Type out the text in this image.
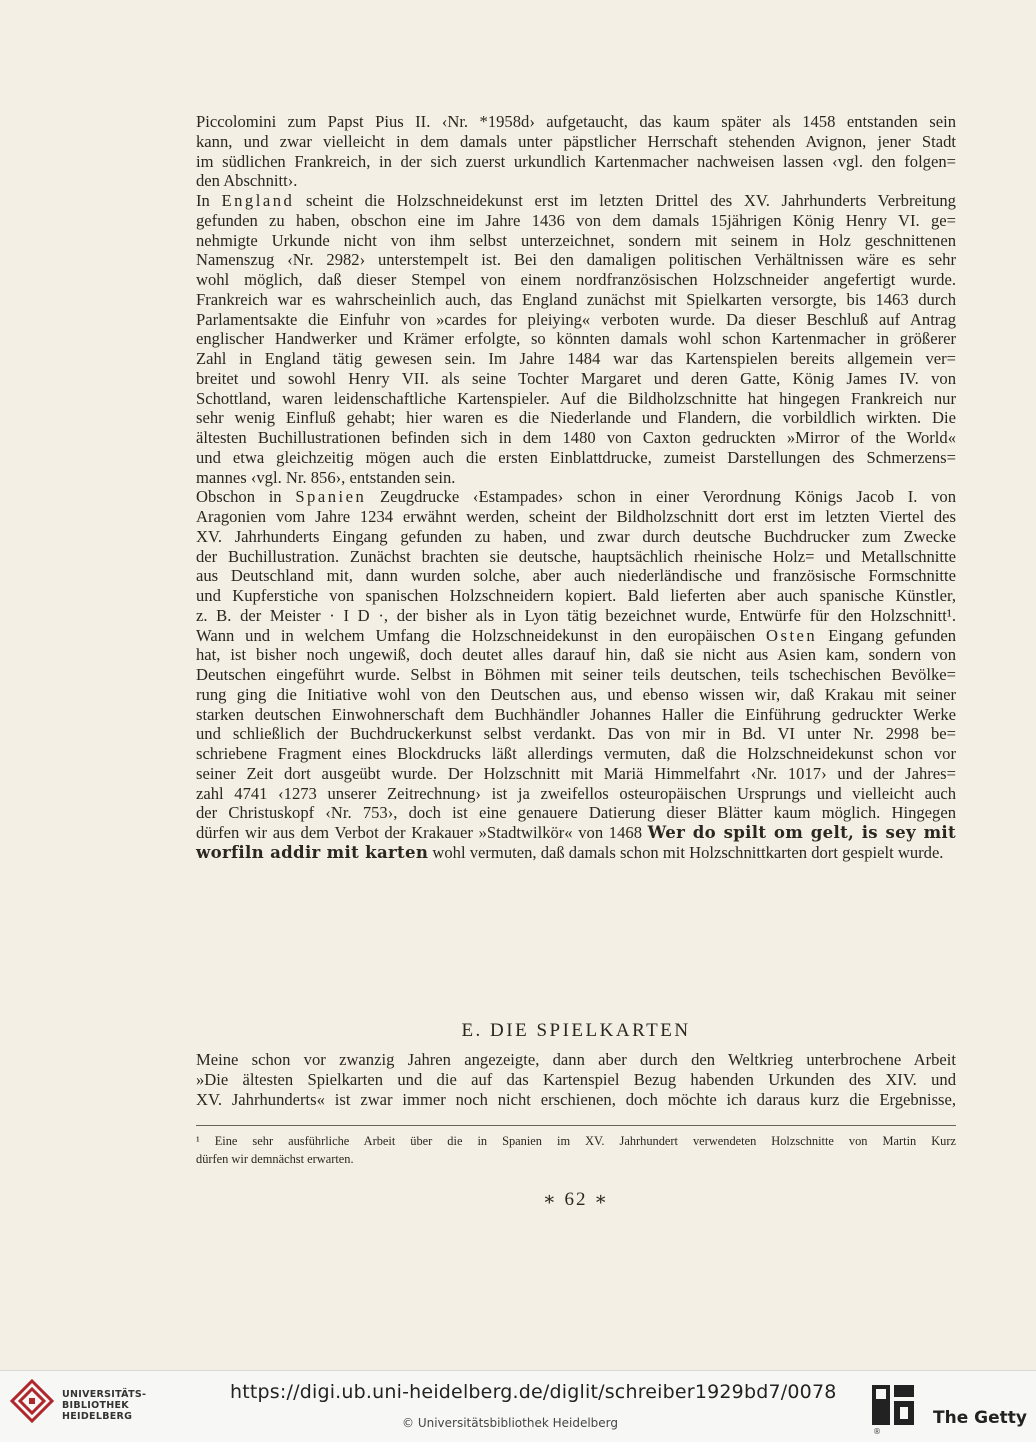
Piccolomini zum Papst Pius II. ‹Nr. *1958d› aufgetaucht, das kaum später als 1458 entstanden sein
kann, und zwar vielleicht in dem damals unter päpstlicher Herrschaft stehenden Avignon, jener Stadt
im südlichen Frankreich, in der sich zuerst urkundlich Kartenmacher nachweisen lassen ‹vgl. den folgen=
den Abschnitt›.
In England scheint die Holzschneidekunst erst im letzten Drittel des XV. Jahrhunderts Verbreitung
gefunden zu haben, obschon eine im Jahre 1436 von dem damals 15jährigen König Henry VI. ge=
nehmigte Urkunde nicht von ihm selbst unterzeichnet, sondern mit seinem in Holz geschnittenen
Namenszug ‹Nr. 2982› unterstempelt ist. Bei den damaligen politischen Verhältnissen wäre es sehr
wohl möglich, daß dieser Stempel von einem nordfranzösischen Holzschneider angefertigt wurde.
Frankreich war es wahrscheinlich auch, das England zunächst mit Spielkarten versorgte, bis 1463 durch
Parlamentsakte die Einfuhr von »cardes for pleiying« verboten wurde. Da dieser Beschluß auf Antrag
englischer Handwerker und Krämer erfolgte, so könnten damals wohl schon Kartenmacher in größerer
Zahl in England tätig gewesen sein. Im Jahre 1484 war das Kartenspielen bereits allgemein ver=
breitet und sowohl Henry VII. als seine Tochter Margaret und deren Gatte, König James IV. von
Schottland, waren leidenschaftliche Kartenspieler. Auf die Bildholzschnitte hat hingegen Frankreich nur
sehr wenig Einfluß gehabt; hier waren es die Niederlande und Flandern, die vorbildlich wirkten. Die
ältesten Buchillustrationen befinden sich in dem 1480 von Caxton gedruckten »Mirror of the World«
und etwa gleichzeitig mögen auch die ersten Einblattdrucke, zumeist Darstellungen des Schmerzens=
mannes ‹vgl. Nr. 856›, entstanden sein.
Obschon in Spanien Zeugdrucke ‹Estampades› schon in einer Verordnung Königs Jacob I. von
Aragonien vom Jahre 1234 erwähnt werden, scheint der Bildholzschnitt dort erst im letzten Viertel des
XV. Jahrhunderts Eingang gefunden zu haben, und zwar durch deutsche Buchdrucker zum Zwecke
der Buchillustration. Zunächst brachten sie deutsche, hauptsächlich rheinische Holz= und Metallschnitte
aus Deutschland mit, dann wurden solche, aber auch niederländische und französische Formschnitte
und Kupferstiche von spanischen Holzschneidern kopiert. Bald lieferten aber auch spanische Künstler,
z. B. der Meister · I D ·, der bisher als in Lyon tätig bezeichnet wurde, Entwürfe für den Holzschnitt¹.
Wann und in welchem Umfang die Holzschneidekunst in den europäischen Osten Eingang gefunden
hat, ist bisher noch ungewiß, doch deutet alles darauf hin, daß sie nicht aus Asien kam, sondern von
Deutschen eingeführt wurde. Selbst in Böhmen mit seiner teils deutschen, teils tschechischen Bevölke=
rung ging die Initiative wohl von den Deutschen aus, und ebenso wissen wir, daß Krakau mit seiner
starken deutschen Einwohnerschaft dem Buchhändler Johannes Haller die Einführung gedruckter Werke
und schließlich der Buchdruckerkunst selbst verdankt. Das von mir in Bd. VI unter Nr. 2998 be=
schriebene Fragment eines Blockdrucks läßt allerdings vermuten, daß die Holzschneidekunst schon vor
seiner Zeit dort ausgeübt wurde. Der Holzschnitt mit Mariä Himmelfahrt ‹Nr. 1017› und der Jahres=
zahl 4741 ‹1273 unserer Zeitrechnung› ist ja zweifellos osteuropäischen Ursprungs und vielleicht auch
der Christuskopf ‹Nr. 753›, doch ist eine genauere Datierung dieser Blätter kaum möglich. Hingegen
dürfen wir aus dem Verbot der Krakauer »Stadtwilkör« von 1468 Wer do spilt om gelt, is sey mit
worfiln addir mit karten wohl vermuten, daß damals schon mit Holzschnittkarten dort gespielt wurde.
E. DIE SPIELKARTEN
Meine schon vor zwanzig Jahren angezeigte, dann aber durch den Weltkrieg unterbrochene Arbeit
»Die ältesten Spielkarten und die auf das Kartenspiel Bezug habenden Urkunden des XIV. und
XV. Jahrhunderts« ist zwar immer noch nicht erschienen, doch möchte ich daraus kurz die Ergebnisse,
¹ Eine sehr ausführliche Arbeit über die in Spanien im XV. Jahrhundert verwendeten Holzschnitte von Martin Kurz
dürfen wir demnächst erwarten.
∗ 62 ∗
UNIVERSITÄTS-
BIBLIOTHEK
HEIDELBERG
https://digi.ub.uni-heidelberg.de/diglit/schreiber1929bd7/0078
© Universitätsbibliothek Heidelberg
®
The Getty
